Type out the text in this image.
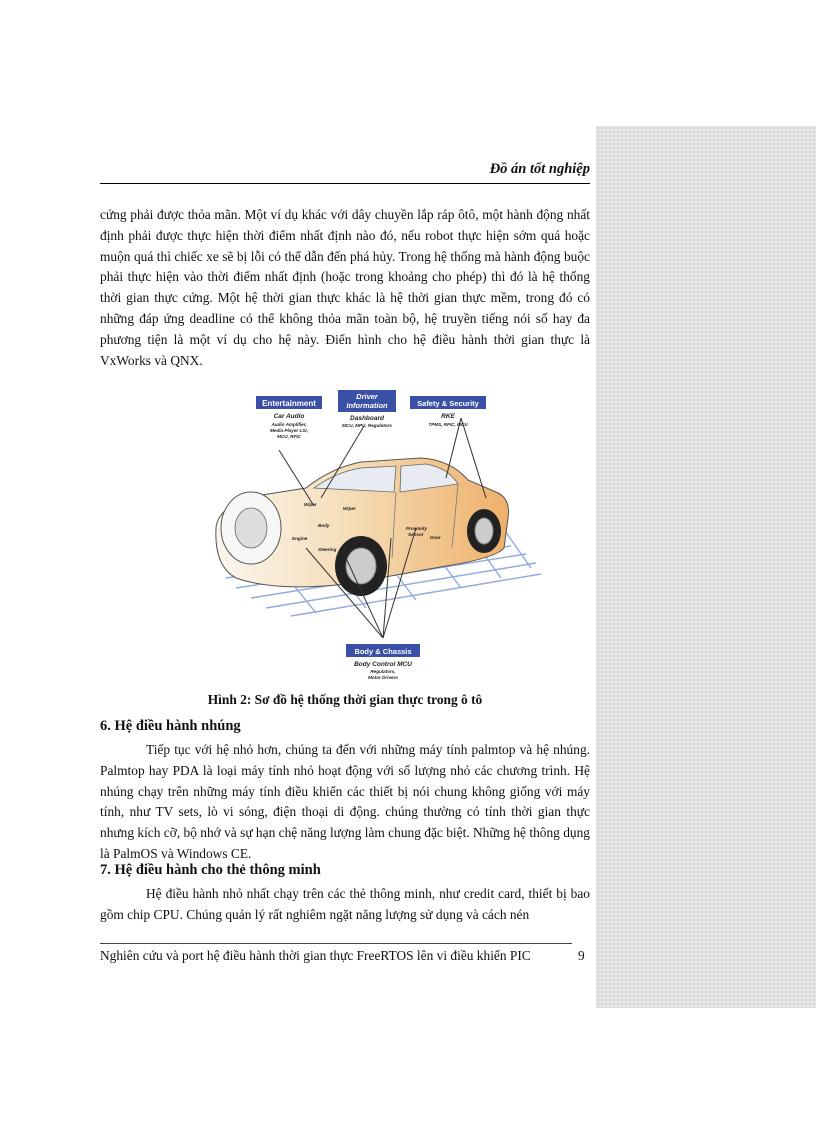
Đồ án tốt nghiệp

cứng phải được thỏa mãn. Một ví dụ khác với dây chuyền lắp ráp ôtô, một hành động nhất định phải được thực hiện thời điểm nhất định nào đó, nếu robot thực hiện sớm quá hoặc muộn quá thì chiếc xe sẽ bị lỗi có thể dẫn đến phá hủy. Trong hệ thống mà hành động buộc phải thực hiện vào thời điểm nhất định (hoặc trong khoảng cho phép) thì đó là hệ thống thời gian thực cứng. Một hệ thời gian thực khác là hệ thời gian thực mềm, trong đó có những đáp ứng deadline có thể không thỏa mãn toàn bộ, hệ truyền tiếng nói số hay đa phương tiện là một ví dụ cho hệ này. Điển hình cho hệ điều hành thời gian thực là VxWorks và QNX.

Entertainment
Car Audio
Audio Amplifier,
Media Player LSI,
MCU, RFIC
Driver
Information
Dashboard
MCU, MPU, Regulators
Safety & Security
RKE
TPMS, RFIC, MCU
Wiper
Wiper
Body
Engine
Steering
Proximity
Sensor
Door
Body & Chassis
Body Control MCU
Regulators,
Motor Drivers
Hình 2: Sơ đồ hệ thống thời gian thực trong ô tô
6. Hệ điều hành nhúng

Tiếp tục với hệ nhỏ hơn, chúng ta đến với những máy tính palmtop và hệ nhúng. Palmtop hay PDA là loại máy tính nhỏ hoạt động với số lượng nhỏ các chương trình. Hệ nhúng chạy trên những máy tính điều khiển các thiết bị nói chung không giống với máy tính, như TV sets, lò vi sóng, điện thoại di động. chúng thường có tính thời gian thực nhưng kích cỡ, bộ nhớ và sự hạn chệ năng lượng làm chung đặc biệt. Những hệ thông dụng là PalmOS và Windows CE.

7. Hệ điều hành cho thẻ thông minh

Hệ điều hành nhỏ nhất chạy trên các thẻ thông minh, như credit card, thiết bị bao gồm chip CPU. Chúng quản lý rất nghiêm ngặt năng lượng sử dụng và cách nén

Nghiên cứu và port hệ điều hành thời gian thực FreeRTOS lên vi điều khiển PIC	9
